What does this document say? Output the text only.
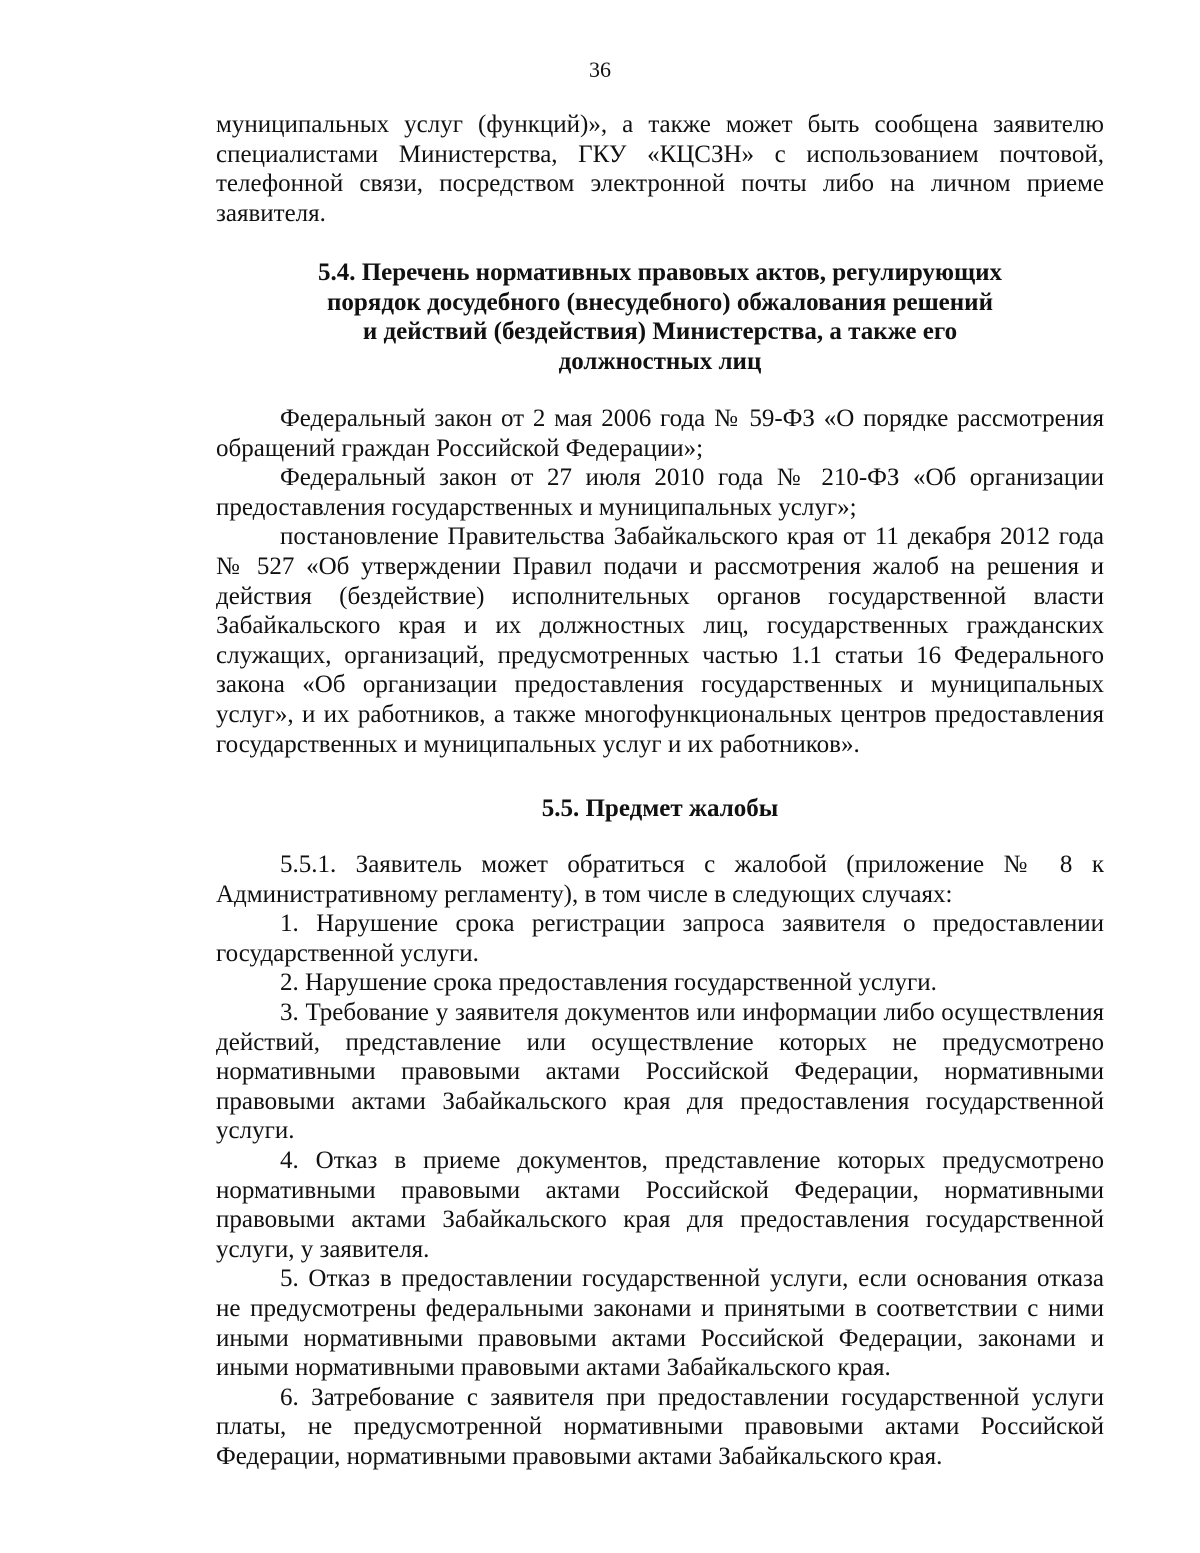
36

муниципальных услуг (функций)», а также может быть сообщена заявителю специалистами Министерства, ГКУ «КЦСЗН» с использованием почтовой, телефонной связи, посредством электронной почты либо на личном приеме заявителя.

5.4. Перечень нормативных правовых актов, регулирующих
порядок досудебного (внесудебного) обжалования решений
и действий (бездействия) Министерства, а также его
должностных лиц

Федеральный закон от 2 мая 2006 года № 59-ФЗ «О порядке рассмотрения обращений граждан Российской Федерации»;

Федеральный закон от 27 июля 2010 года № 210-ФЗ «Об организации предоставления государственных и муниципальных услуг»;

постановление Правительства Забайкальского края от 11 декабря 2012 года № 527 «Об утверждении Правил подачи и рассмотрения жалоб на решения и действия (бездействие) исполнительных органов государственной власти Забайкальского края и их должностных лиц, государственных гражданских служащих, организаций, предусмотренных частью 1.1 статьи 16 Федерального закона «Об организации предоставления государственных и муниципальных услуг», и их работников, а также многофункциональных центров предоставления государственных и муниципальных услуг и их работников».

5.5. Предмет жалобы

5.5.1. Заявитель может обратиться с жалобой (приложение № 8 к Административному регламенту), в том числе в следующих случаях:

1. Нарушение срока регистрации запроса заявителя о предоставлении государственной услуги.

2. Нарушение срока предоставления государственной услуги.

3. Требование у заявителя документов или информации либо осуществления действий, представление или осуществление которых не предусмотрено нормативными правовыми актами Российской Федерации, нормативными правовыми актами Забайкальского края для предоставления государственной услуги.

4. Отказ в приеме документов, представление которых предусмотрено нормативными правовыми актами Российской Федерации, нормативными правовыми актами Забайкальского края для предоставления государственной услуги, у заявителя.

5. Отказ в предоставлении государственной услуги, если основания отказа не предусмотрены федеральными законами и принятыми в соответствии с ними иными нормативными правовыми актами Российской Федерации, законами и иными нормативными правовыми актами Забайкальского края.

6. Затребование с заявителя при предоставлении государственной услуги платы, не предусмотренной нормативными правовыми актами Российской Федерации, нормативными правовыми актами Забайкальского края.
